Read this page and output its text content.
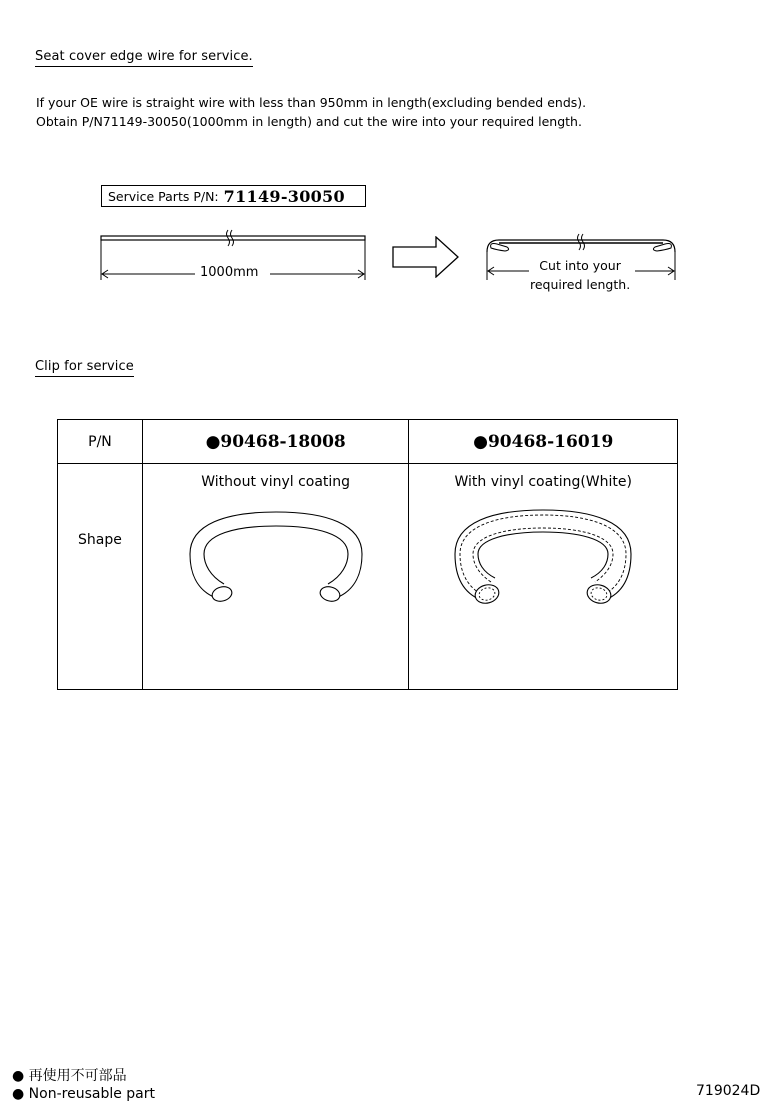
Seat cover edge wire for service.
If your OE wire is straight wire with less than 950mm in length(excluding bended ends).
Obtain P/N71149-30050(1000mm in length) and cut the wire into your required length.
Service Parts P/N: 71149-30050
1000mm	Cut into your
required length.
Clip for service
P/N	●90468-18008	●90468-16019
Shape	Without vinyl coating	With vinyl coating(White)
● 再使用不可部品
● Non-reusable part	719024D
